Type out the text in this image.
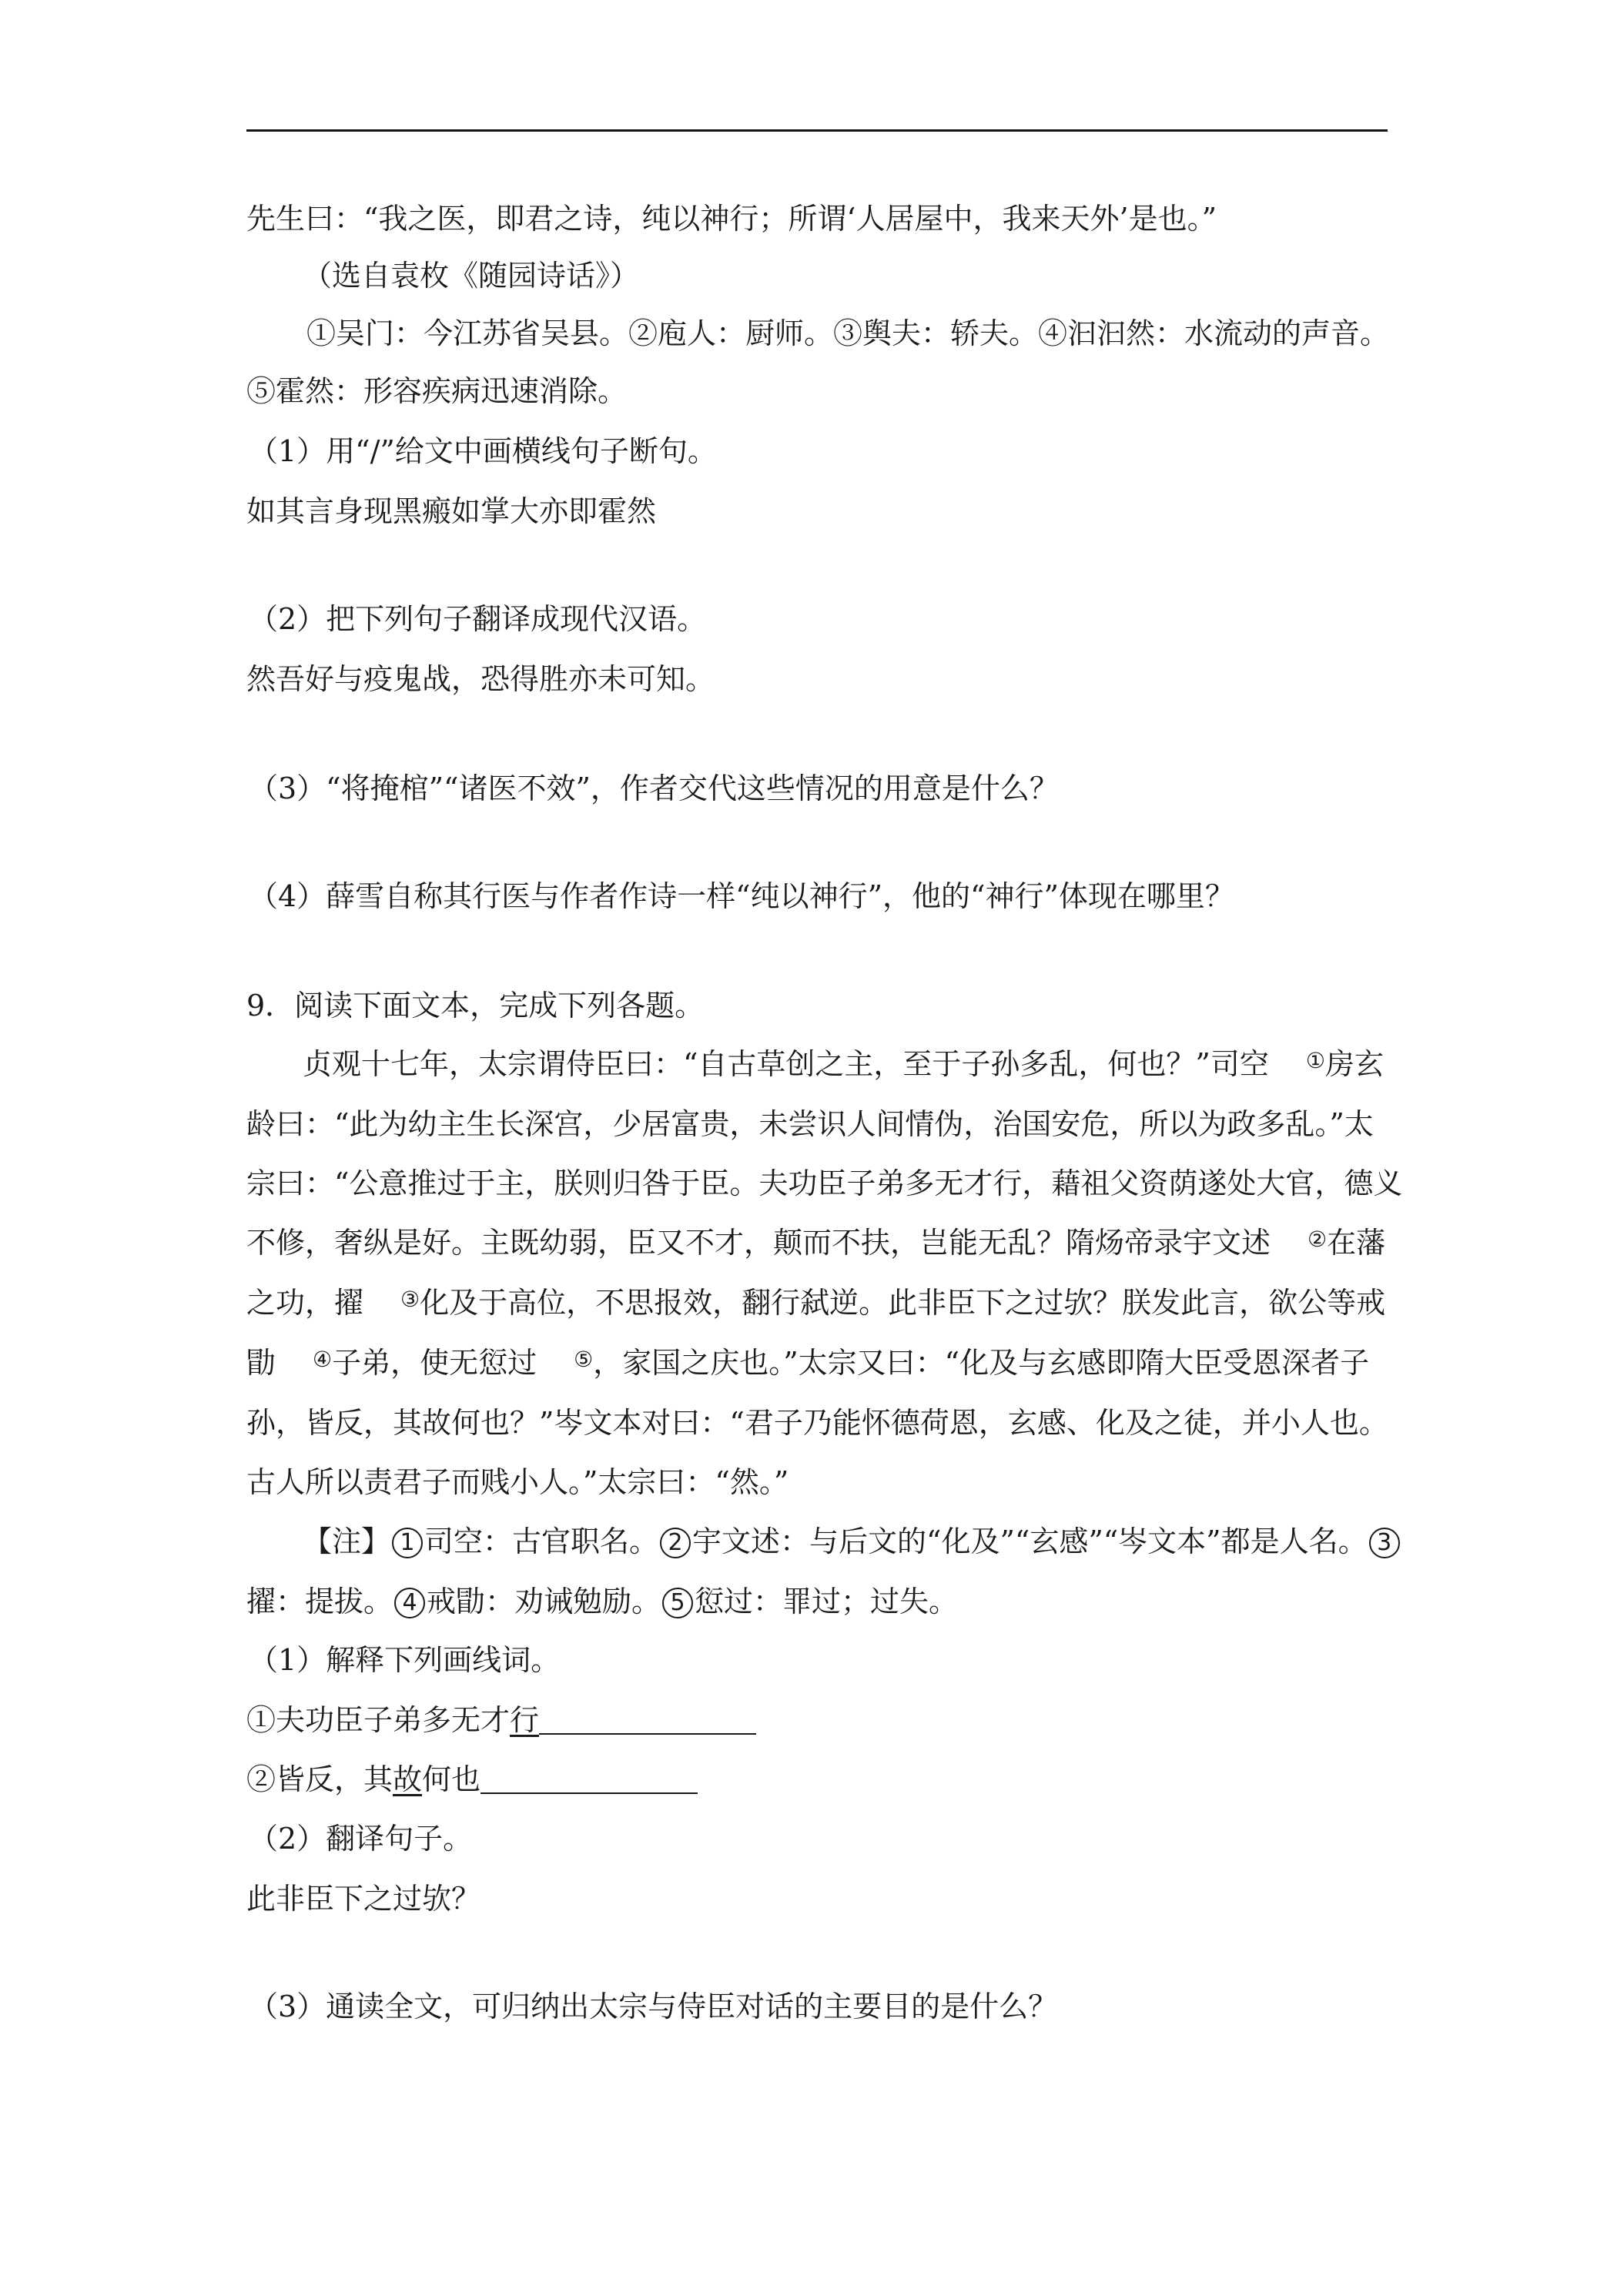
先生曰：“我之医，即君之诗，纯以神行；所谓‘人居屋中，我来天外’是也。”
（选自袁枚《随园诗话》）
①吴门：今江苏省吴县。②庖人：厨师。③舆夫：轿夫。④汩汩然：水流动的声音。
⑤霍然：形容疾病迅速消除。
（1）用“/”给文中画横线句子断句。
如其言身现黑瘢如掌大亦即霍然
（2）把下列句子翻译成现代汉语。
然吾好与疫鬼战，恐得胜亦未可知。
（3）“将掩棺”“诸医不效”，作者交代这些情况的用意是什么？
（4）薛雪自称其行医与作者作诗一样“纯以神行”，他的“神行”体现在哪里？
9．阅读下面文本，完成下列各题。
贞观十七年，太宗谓侍臣曰：“自古草创之主，至于子孙多乱，何也？”司空 ①房玄
龄曰：“此为幼主生长深宫，少居富贵，未尝识人间情伪，治国安危，所以为政多乱。”太
宗曰：“公意推过于主，朕则归咎于臣。夫功臣子弟多无才行，藉祖父资荫遂处大官，德义
不修，奢纵是好。主既幼弱，臣又不才，颠而不扶，岂能无乱？隋炀帝录宇文述 ②在藩
之功，擢 ③化及于高位，不思报效，翻行弑逆。此非臣下之过欤？朕发此言，欲公等戒
勖 ④子弟，使无愆过 ⑤，家国之庆也。”太宗又曰：“化及与玄感即隋大臣受恩深者子
孙，皆反，其故何也？”岑文本对曰：“君子乃能怀德荷恩，玄感、化及之徒，并小人也。
古人所以责君子而贱小人。”太宗曰：“然。”
【注】 1 司空：古官职名。 2 宇文述：与后文的“化及”“玄感”“岑文本”都是人名。 3
擢：提拔。 4 戒勖：劝诫勉励。 5 愆过：罪过；过失。
（1）解释下列画线词。
①夫功臣子弟多无才行
②皆反，其故何也
（2）翻译句子。
此非臣下之过欤？
（3）通读全文，可归纳出太宗与侍臣对话的主要目的是什么？
